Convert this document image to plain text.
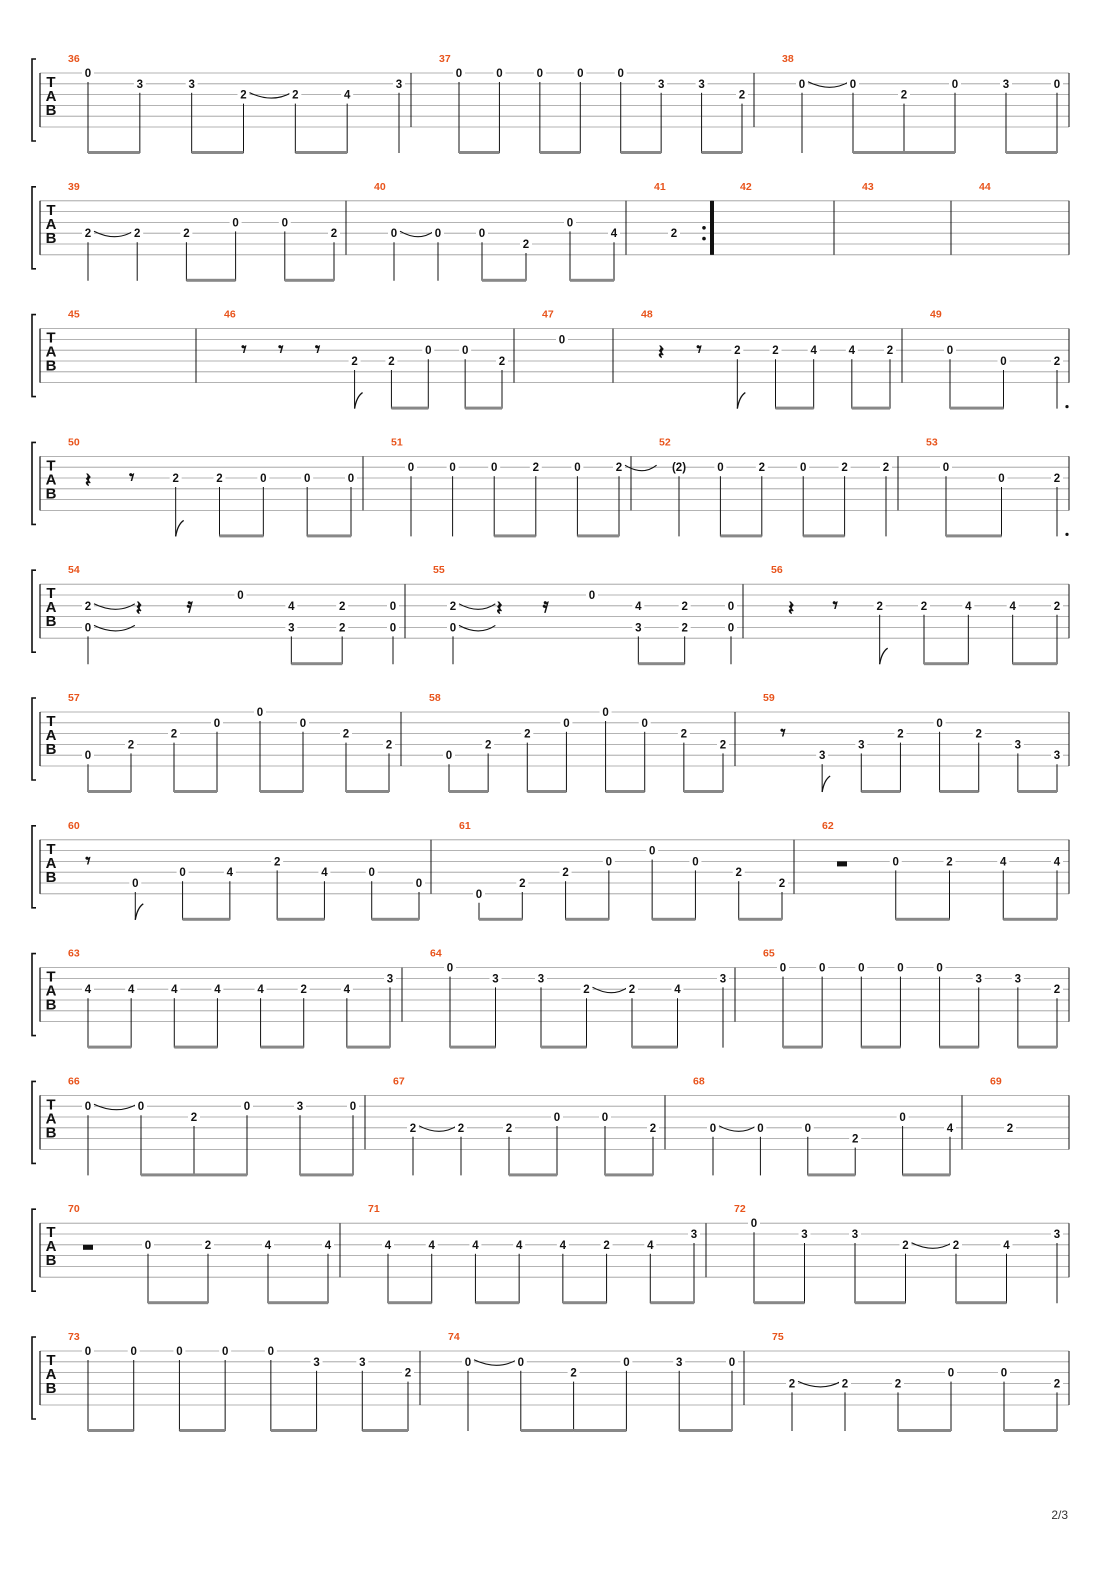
T
A
B
36
0
3	3
2	2	4
3
37
0	0	0	0	0
3	3
2
38
0	0
2
0	3	0
T
A
B
39
2	2	2
0	0
2
40
0	0	0
2
0
4
41
2
42	43	44
T
A
B
45	46
𝄾 𝄾 𝄾
2	2
0	0
2
47
0
48
𝄽 𝄾	2	2	4	4	2
49
0
0	2
T
A
B
50
𝄽 𝄾	2	2	0	0	0
51
0	0	0	2	0	2
52
(2)	0	2	0	2	2
53
0
0	2
T
A
B
54
2
0
𝄽 𝄿	0
4
3
2
2
0
0
55
2
0
𝄽 𝄿	0
4
3
2
2
0
0
56
𝄽 𝄾	2	2	4	4	2
T
A
B
57
0
2
2
0
0
0
2
2
58
0
2
2
0
0
0
2
2
59
𝄾
3
3
2
0
2
3
3
T
A
B
60
𝄾
0
0	4
2
4	0
0
61
0
2
2
0
0
0
2
2
62
0	2	4	4
T
A
B
63
4	4	4	4	4	2	4
3
64
0
3	3
2	2	4
3
65
0	0	0	0	0
3	3
2
T
A
B
66
0	0
2
0	3	0
67
2	2	2
0	0
2
68
0	0	0
2
0
4
69
2
T
A
B
70
0	2	4	4
71
4	4	4	4	4	2	4
3
72
0
3	3
2	2	4
3
T
A
B
73
0	0	0	0	0
3	3
2
74
0	0
2
0	3	0
75
2	2	2
0	0
2
2/3
